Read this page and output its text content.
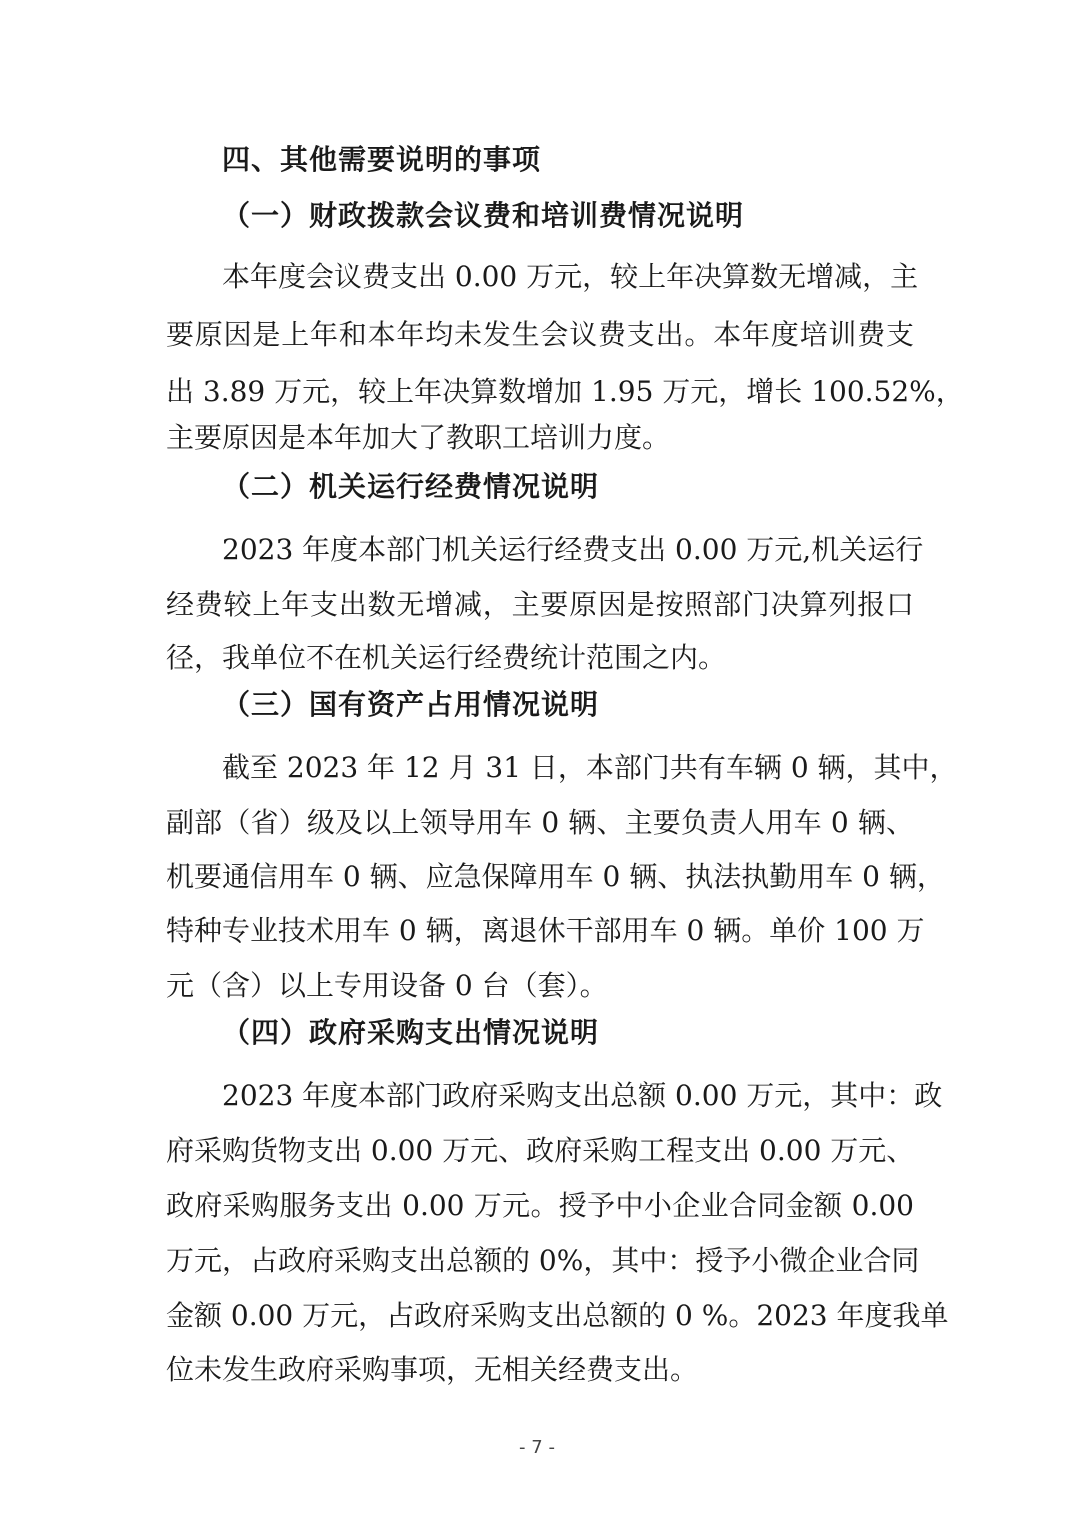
四、其他需要说明的事项
（一）财政拨款会议费和培训费情况说明
本年度会议费支出 0.00 万元，较上年决算数无增减，主
要原因是上年和本年均未发生会议费支出。本年度培训费支
出 3.89 万元，较上年决算数增加 1.95 万元，增长 100.52%，
主要原因是本年加大了教职工培训力度。
（二）机关运行经费情况说明
2023 年度本部门机关运行经费支出 0.00 万元,机关运行
经费较上年支出数无增减，主要原因是按照部门决算列报口
径，我单位不在机关运行经费统计范围之内。
（三）国有资产占用情况说明
截至 2023 年 12 月 31 日，本部门共有车辆 0 辆，其中，
副部（省）级及以上领导用车 0 辆、主要负责人用车 0 辆、
机要通信用车 0 辆、应急保障用车 0 辆、执法执勤用车 0 辆，
特种专业技术用车 0 辆，离退休干部用车 0 辆。单价 100 万
元（含）以上专用设备 0 台（套）。
（四）政府采购支出情况说明
2023 年度本部门政府采购支出总额 0.00 万元，其中：政
府采购货物支出 0.00 万元、政府采购工程支出 0.00 万元、
政府采购服务支出 0.00 万元。授予中小企业合同金额 0.00
万元，占政府采购支出总额的 0%，其中：授予小微企业合同
金额 0.00 万元，占政府采购支出总额的 0 %。2023 年度我单
位未发生政府采购事项，无相关经费支出。
- 7 -
